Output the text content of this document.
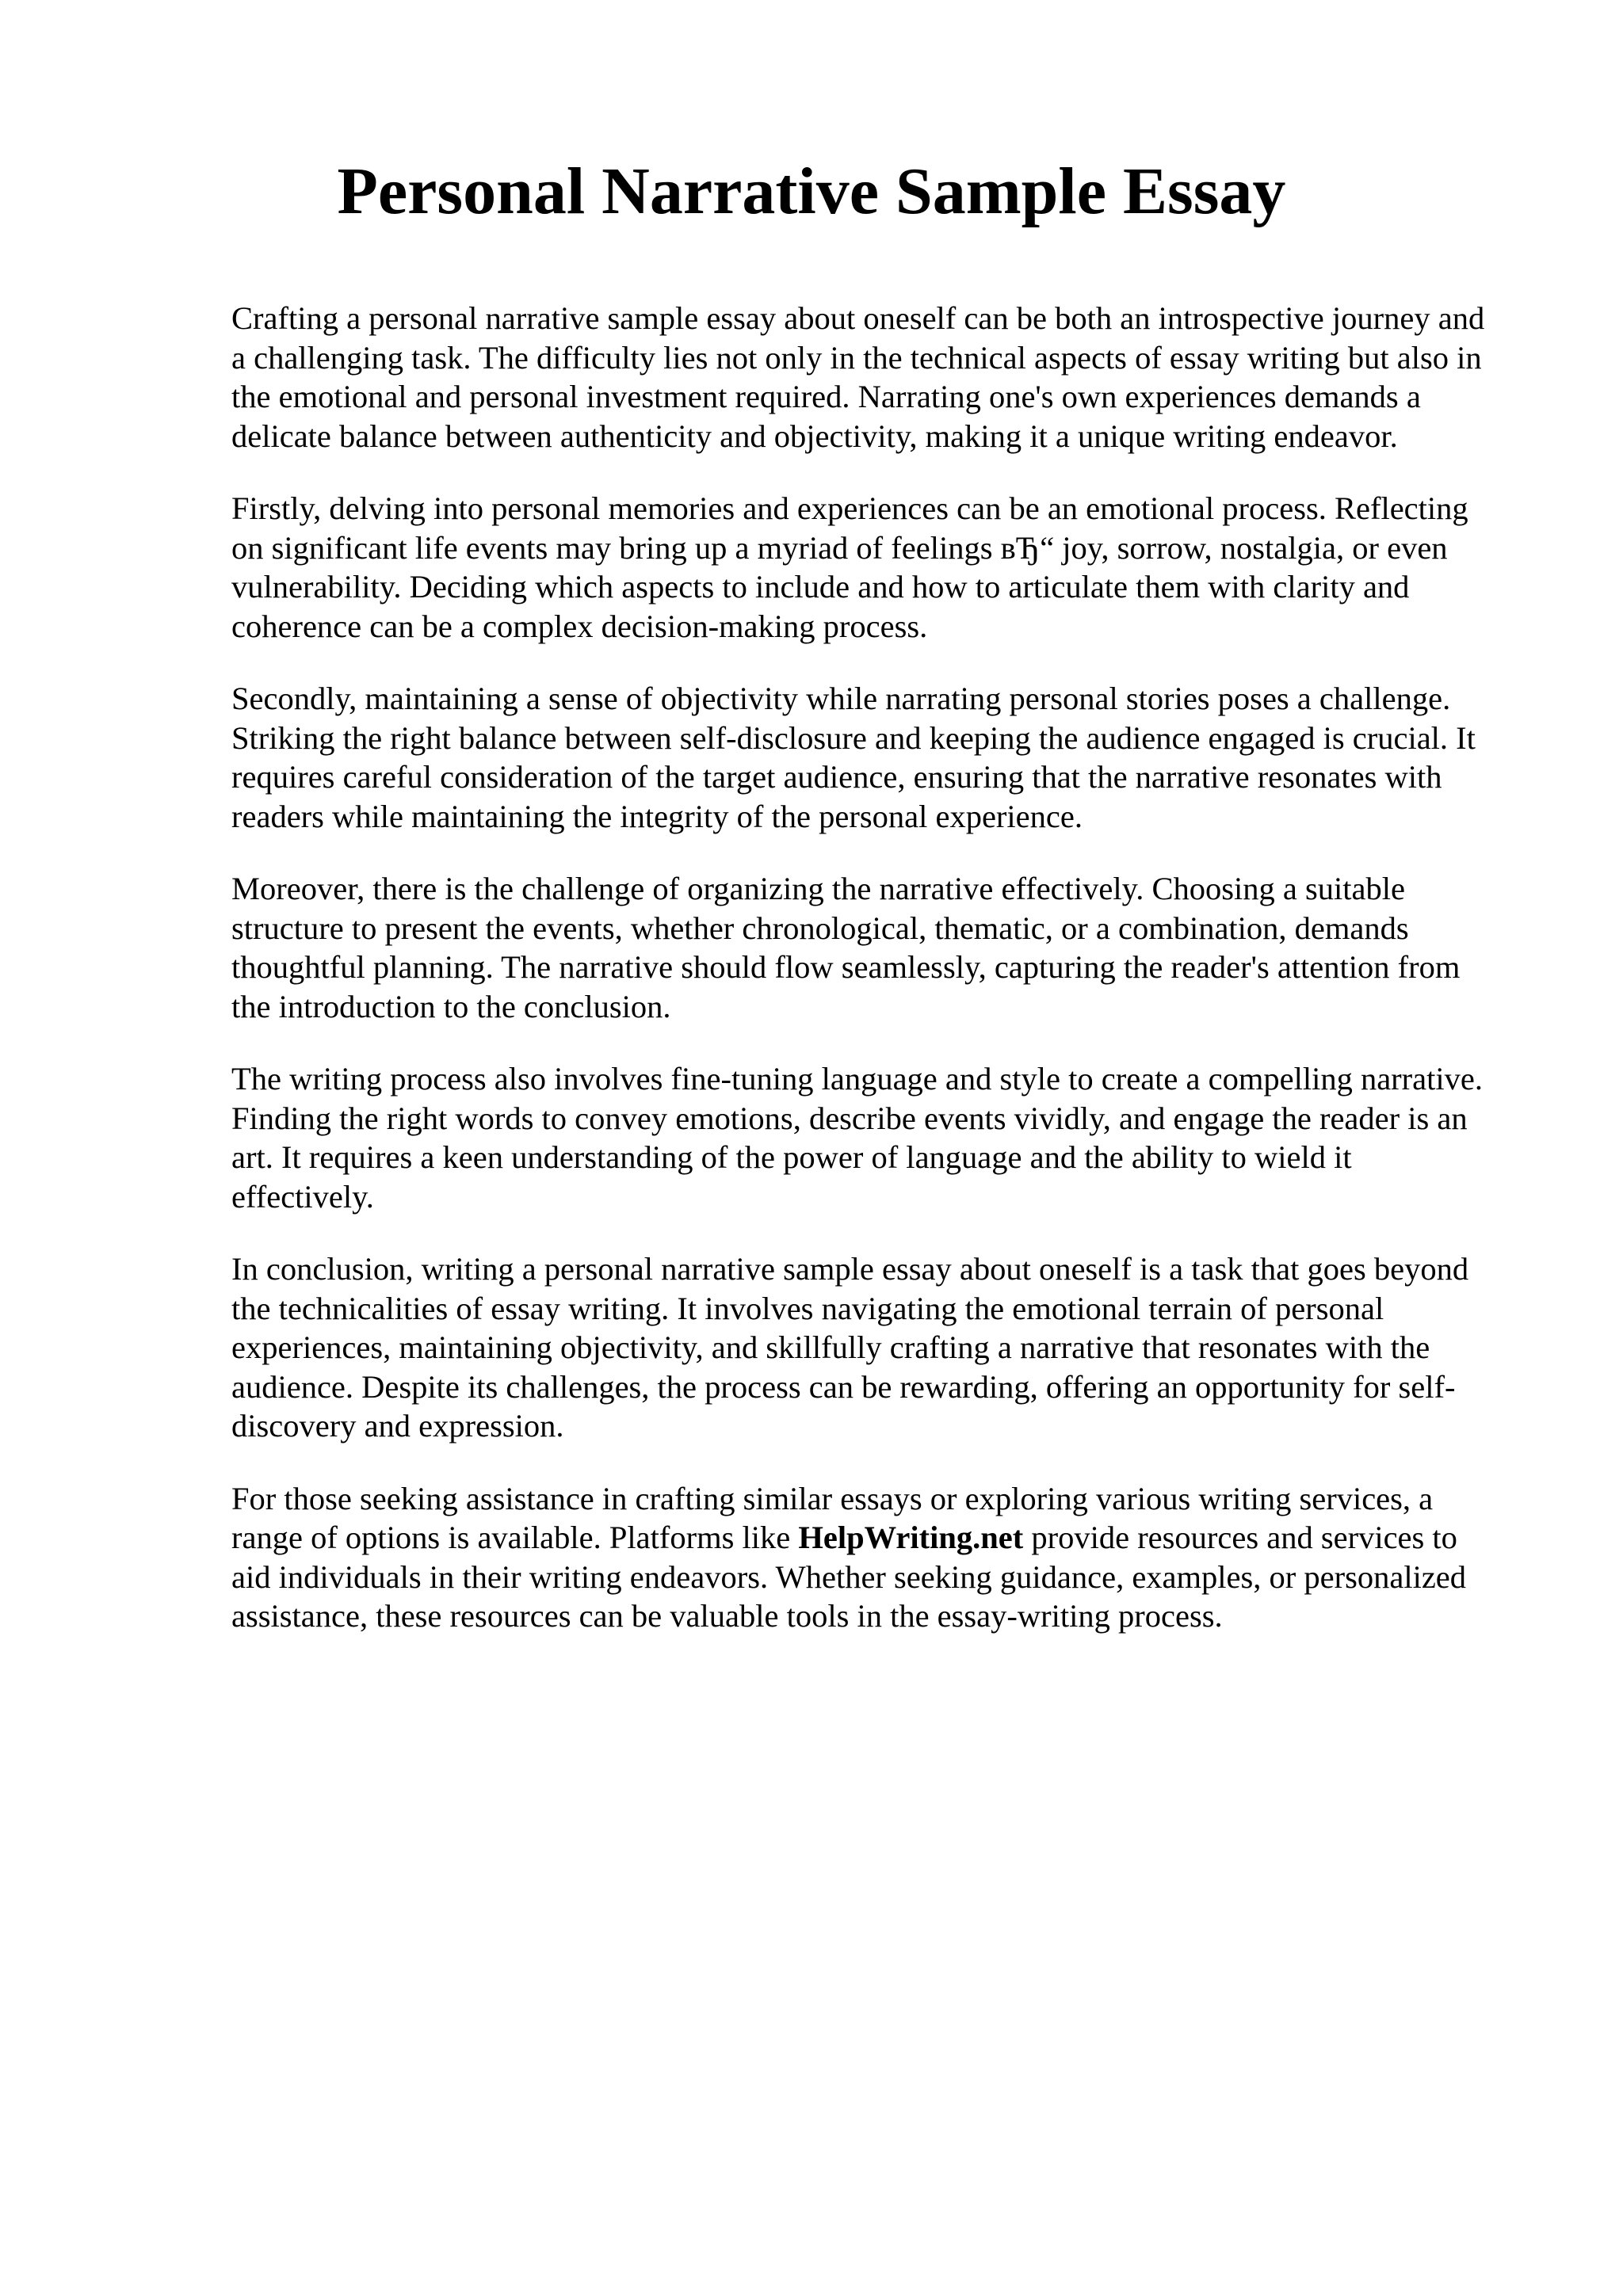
Personal Narrative Sample Essay

Crafting a personal narrative sample essay about oneself can be both an introspective journey and
a challenging task. The difficulty lies not only in the technical aspects of essay writing but also in
the emotional and personal investment required. Narrating one's own experiences demands a
delicate balance between authenticity and objectivity, making it a unique writing endeavor.

Firstly, delving into personal memories and experiences can be an emotional process. Reflecting
on significant life events may bring up a myriad of feelings вЂ“ joy, sorrow, nostalgia, or even
vulnerability. Deciding which aspects to include and how to articulate them with clarity and
coherence can be a complex decision-making process.

Secondly, maintaining a sense of objectivity while narrating personal stories poses a challenge.
Striking the right balance between self-disclosure and keeping the audience engaged is crucial. It
requires careful consideration of the target audience, ensuring that the narrative resonates with
readers while maintaining the integrity of the personal experience.

Moreover, there is the challenge of organizing the narrative effectively. Choosing a suitable
structure to present the events, whether chronological, thematic, or a combination, demands
thoughtful planning. The narrative should flow seamlessly, capturing the reader's attention from
the introduction to the conclusion.

The writing process also involves fine-tuning language and style to create a compelling narrative.
Finding the right words to convey emotions, describe events vividly, and engage the reader is an
art. It requires a keen understanding of the power of language and the ability to wield it
effectively.

In conclusion, writing a personal narrative sample essay about oneself is a task that goes beyond
the technicalities of essay writing. It involves navigating the emotional terrain of personal
experiences, maintaining objectivity, and skillfully crafting a narrative that resonates with the
audience. Despite its challenges, the process can be rewarding, offering an opportunity for self-
discovery and expression.

For those seeking assistance in crafting similar essays or exploring various writing services, a
range of options is available. Platforms like HelpWriting.net provide resources and services to
aid individuals in their writing endeavors. Whether seeking guidance, examples, or personalized
assistance, these resources can be valuable tools in the essay-writing process.
